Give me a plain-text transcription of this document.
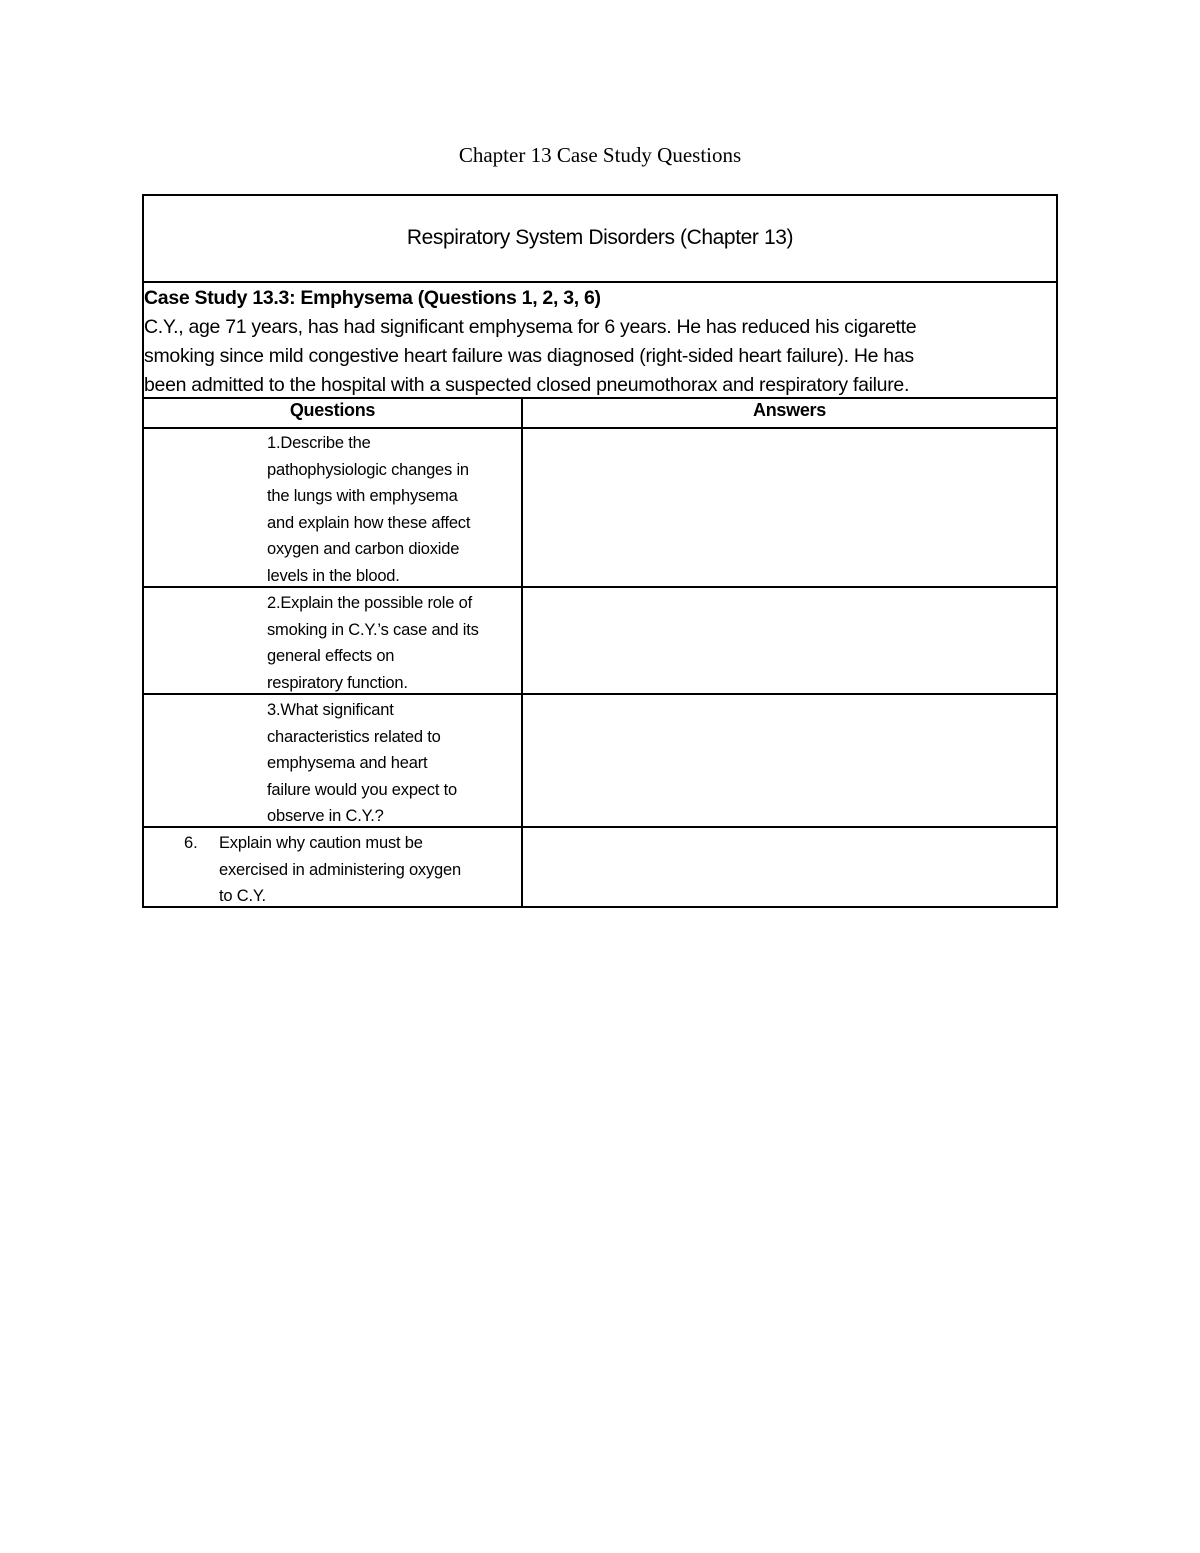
Chapter 13 Case Study Questions
Respiratory System Disorders (Chapter 13)
Case Study 13.3: Emphysema (Questions 1, 2, 3, 6)
C.Y., age 71 years, has had significant emphysema for 6 years. He has reduced his cigarette
smoking since mild congestive heart failure was diagnosed (right-sided heart failure). He has
been admitted to the hospital with a suspected closed pneumothorax and respiratory failure.
Questions	Answers
1.Describe the
pathophysiologic changes in
the lungs with emphysema
and explain how these affect
oxygen and carbon dioxide
levels in the blood.
2.Explain the possible role of
smoking in C.Y.’s case and its
general effects on
respiratory function.
3.What significant
characteristics related to
emphysema and heart
failure would you expect to
observe in C.Y.?
6. Explain why caution must be
exercised in administering oxygen
to C.Y.
